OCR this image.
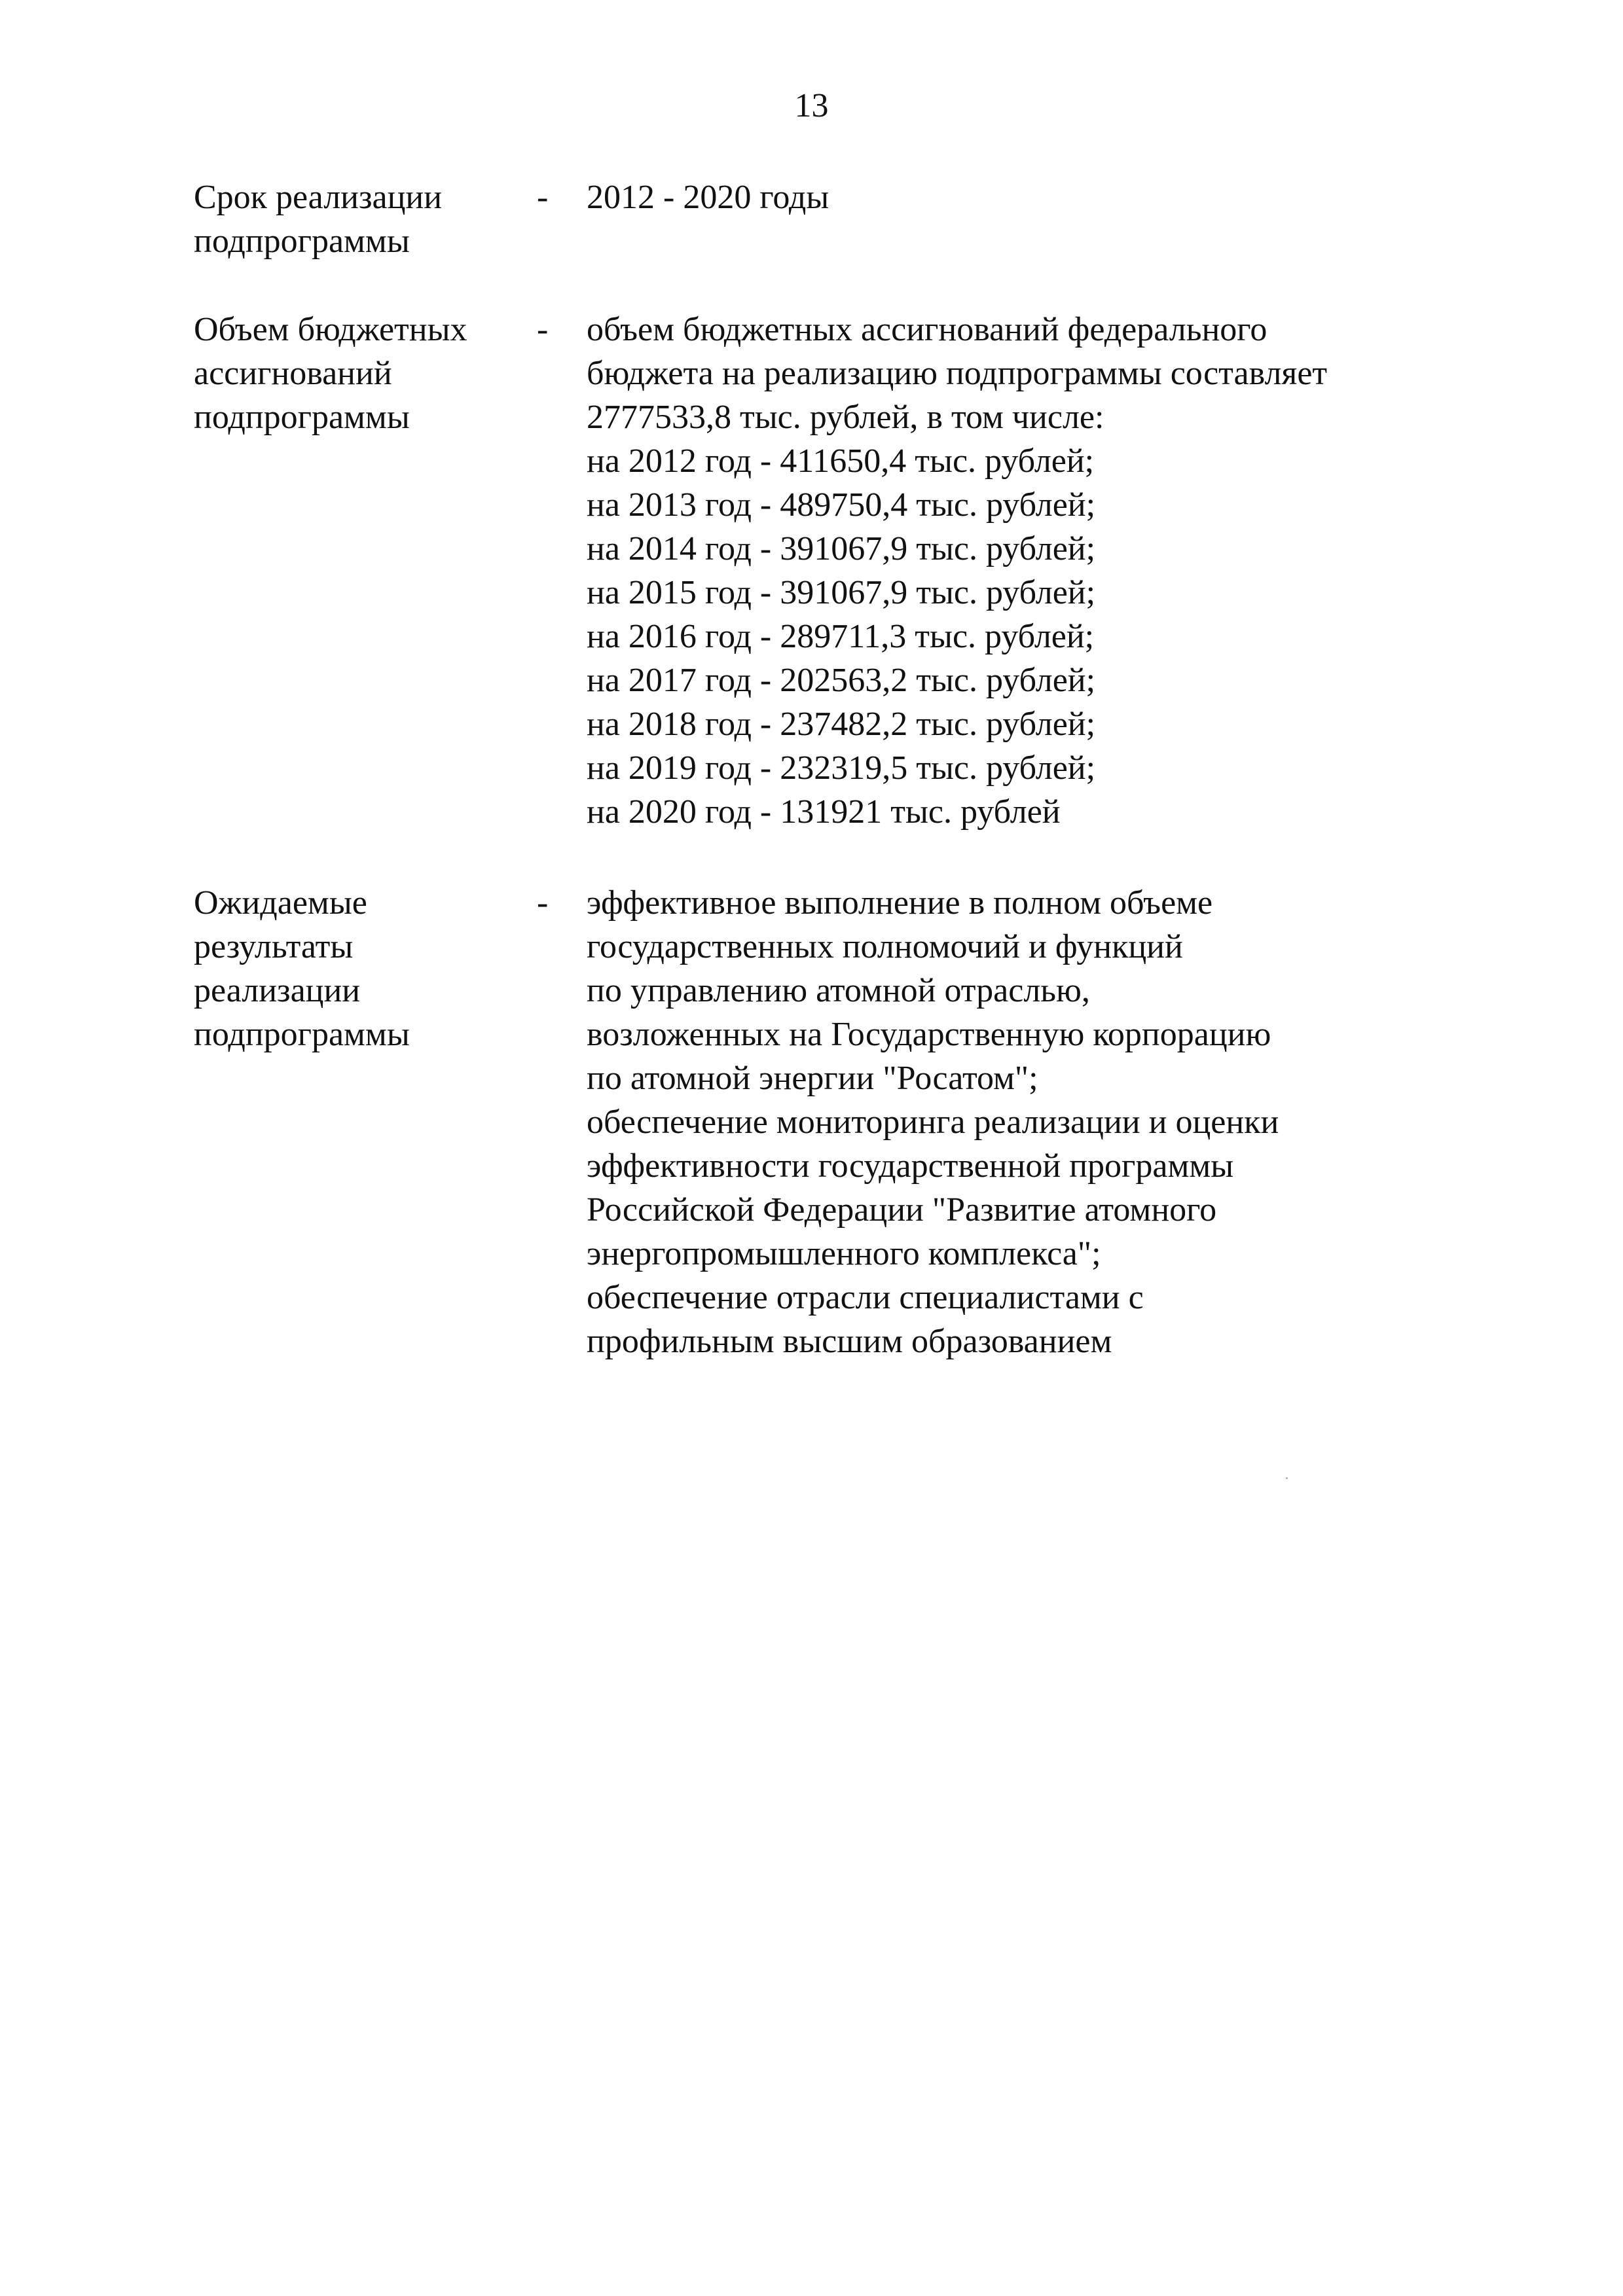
13
Срок реализации
подпрограммы
- 2012 - 2020 годы
Объем бюджетных
ассигнований
подпрограммы
- объем бюджетных ассигнований федерального
бюджета на реализацию подпрограммы составляет
2777533,8 тыс. рублей, в том числе:
на 2012 год - 411650,4 тыс. рублей;
на 2013 год - 489750,4 тыс. рублей;
на 2014 год - 391067,9 тыс. рублей;
на 2015 год - 391067,9 тыс. рублей;
на 2016 год - 289711,3 тыс. рублей;
на 2017 год - 202563,2 тыс. рублей;
на 2018 год - 237482,2 тыс. рублей;
на 2019 год - 232319,5 тыс. рублей;
на 2020 год - 131921 тыс. рублей
Ожидаемые
результаты
реализации
подпрограммы
- эффективное выполнение в полном объеме
государственных полномочий и функций
по управлению атомной отраслью,
возложенных на Государственную корпорацию
по атомной энергии "Росатом";
обеспечение мониторинга реализации и оценки
эффективности государственной программы
Российской Федерации "Развитие атомного
энергопромышленного комплекса";
обеспечение отрасли специалистами с
профильным высшим образованием
